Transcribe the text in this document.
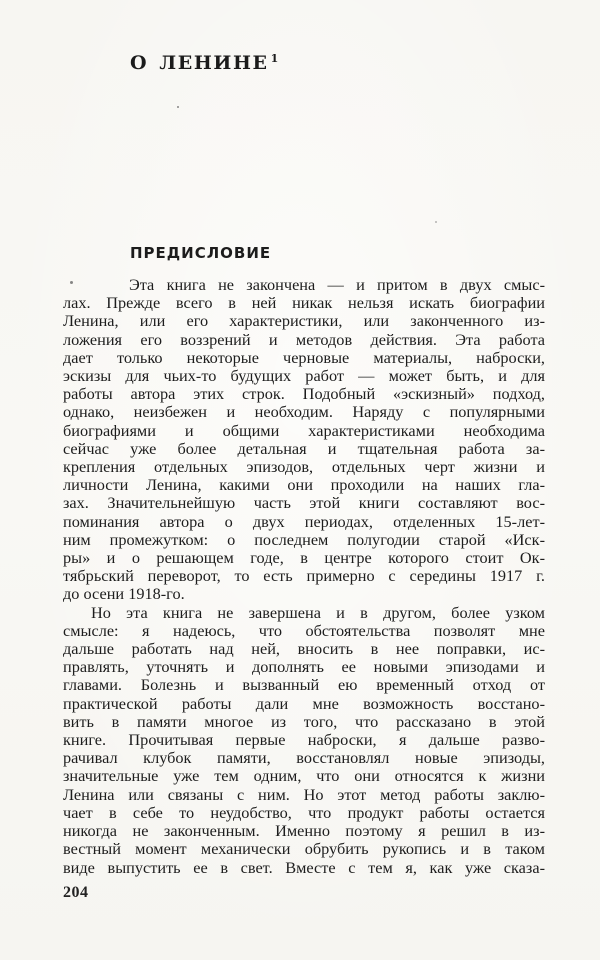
О ЛЕНИНЕ $^1$
ПРЕДИСЛОВИЕ
Эта книга не закончена — и притом в двух смыс-
лах. Прежде всего в ней никак нельзя искать биографии
Ленина, или его характеристики, или законченного из-
ложения его воззрений и методов действия. Эта работа
дает только некоторые черновые материалы, наброски,
эскизы для чьих-то будущих работ — может быть, и для
работы автора этих строк. Подобный «эскизный» подход,
однако, неизбежен и необходим. Наряду с популярными
биографиями и общими характеристиками необходима
сейчас уже более детальная и тщательная работа за-
крепления отдельных эпизодов, отдельных черт жизни и
личности Ленина, какими они проходили на наших гла-
зах. Значительнейшую часть этой книги составляют вос-
поминания автора о двух периодах, отделенных 15-лет-
ним промежутком: о последнем полугодии старой «Иск-
ры» и о решающем годе, в центре которого стоит Ок-
тябрьский переворот, то есть примерно с середины 1917 г.
до осени 1918-го.
Но эта книга не завершена и в другом, более узком
смысле: я надеюсь, что обстоятельства позволят мне
дальше работать над ней, вносить в нее поправки, ис-
правлять, уточнять и дополнять ее новыми эпизодами и
главами. Болезнь и вызванный ею временный отход от
практической работы дали мне возможность восстано-
вить в памяти многое из того, что рассказано в этой
книге. Прочитывая первые наброски, я дальше разво-
рачивал клубок памяти, восстановлял новые эпизоды,
значительные уже тем одним, что они относятся к жизни
Ленина или связаны с ним. Но этот метод работы заклю-
чает в себе то неудобство, что продукт работы остается
никогда не законченным. Именно поэтому я решил в из-
вестный момент механически обрубить рукопись и в таком
виде выпустить ее в свет. Вместе с тем я, как уже сказа-
204
